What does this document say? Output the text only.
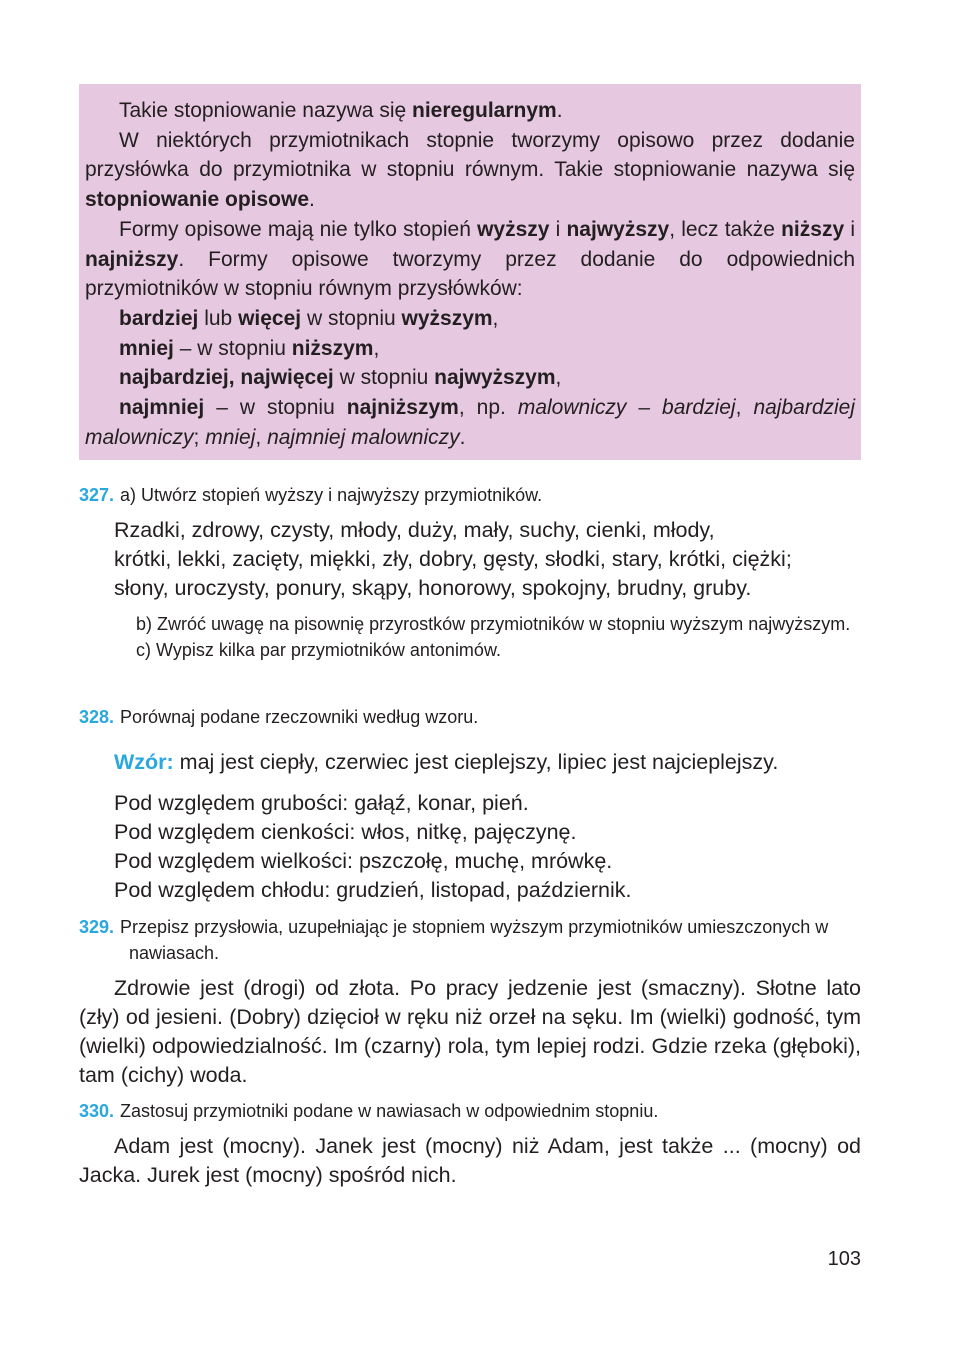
Takie stopniowanie nazywa się nieregularnym.

W niektórych przymiotnikach stopnie tworzymy opisowo przez dodanie przysłówka do przymiotnika w stopniu równym. Takie stopniowanie nazywa się stopniowanie opisowe.

Formy opisowe mają nie tylko stopień wyższy i najwyższy, lecz także niższy i najniższy. Formy opisowe tworzymy przez dodanie do odpowiednich przymiotników w stopniu równym przysłówków:

bardziej lub więcej w stopniu wyższym,

mniej – w stopniu niższym,

najbardziej, najwięcej w stopniu najwyższym,

najmniej – w stopniu najniższym, np. malowniczy – bardziej, najbardziej malowniczy; mniej, najmniej malowniczy.

327. a) Utwórz stopień wyższy i najwyższy przymiotników.

Rzadki, zdrowy, czysty, młody, duży, mały, suchy, cienki, młody,

krótki, lekki, zacięty, miękki, zły, dobry, gęsty, słodki, stary, krótki, ciężki;

słony, uroczysty, ponury, skąpy, honorowy, spokojny, brudny, gruby.

b) Zwróć uwagę na pisownię przyrostków przymiotników w stopniu wyższym najwyższym.

c) Wypisz kilka par przymiotników antonimów.

328. Porównaj podane rzeczowniki według wzoru.

Wzór: maj jest ciepły, czerwiec jest cieplejszy, lipiec jest najcieplejszy.

Pod względem grubości: gałąź, konar, pień.

Pod względem cienkości: włos, nitkę, pajęczynę.

Pod względem wielkości: pszczołę, muchę, mrówkę.

Pod względem chłodu: grudzień, listopad, październik.

329. Przepisz przysłowia, uzupełniając je stopniem wyższym przymiotników umieszczonych w nawiasach.

Zdrowie jest (drogi) od złota. Po pracy jedzenie jest (smaczny). Słotne lato (zły) od jesieni. (Dobry) dzięcioł w ręku niż orzeł na sęku. Im (wielki) godność, tym (wielki) odpowiedzialność. Im (czarny) rola, tym lepiej rodzi. Gdzie rzeka (głęboki), tam (cichy) woda.

330. Zastosuj przymiotniki podane w nawiasach w odpowiednim stopniu.

Adam jest (mocny). Janek jest (mocny) niż Adam, jest także ... (mocny) od Jacka. Jurek jest (mocny) spośród nich.

103
